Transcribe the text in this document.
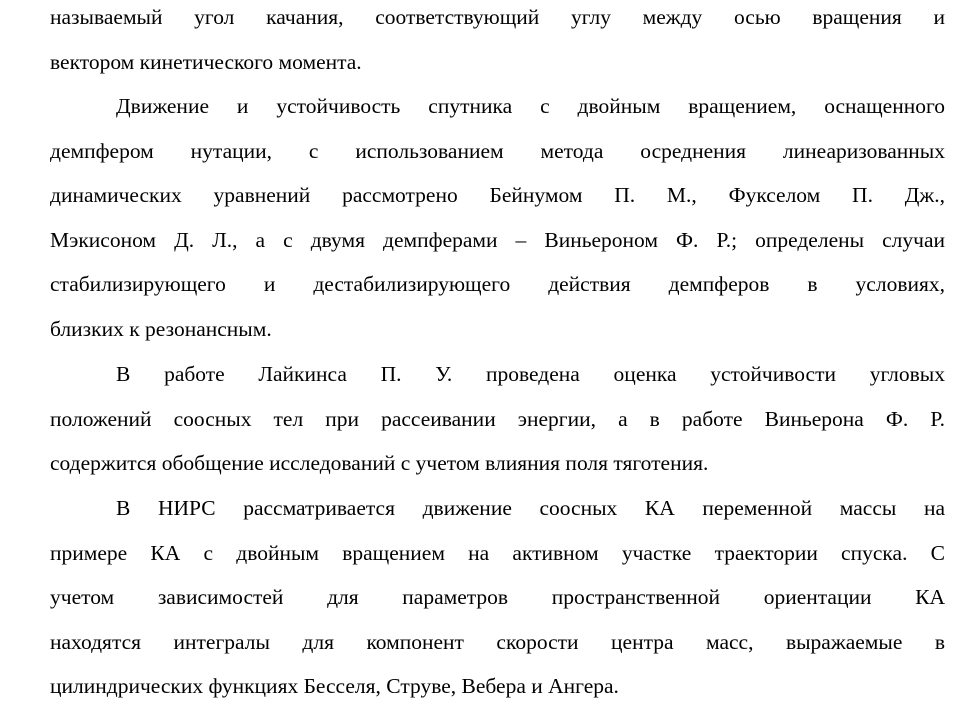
называемый угол качания, соответствующий углу между осью вращения и
вектором кинетического момента.
Движение и устойчивость спутника с двойным вращением, оснащенного
демпфером нутации, с использованием метода осреднения линеаризованных
динамических уравнений рассмотрено Бейнумом П. М., Фукселом П. Дж.,
Мэкисоном Д. Л., а с двумя демпферами – Виньероном Ф. Р.; определены случаи
стабилизирующего и дестабилизирующего действия демпферов в условиях,
близких к резонансным.
В работе Лайкинса П. У. проведена оценка устойчивости угловых
положений соосных тел при рассеивании энергии, а в работе Виньерона Ф. Р.
содержится обобщение исследований с учетом влияния поля тяготения.
В НИРС рассматривается движение соосных КА переменной массы на
примере КА с двойным вращением на активном участке траектории спуска. С
учетом зависимостей для параметров пространственной ориентации КА
находятся интегралы для компонент скорости центра масс, выражаемые в
цилиндрических функциях Бесселя, Струве, Вебера и Ангера.
